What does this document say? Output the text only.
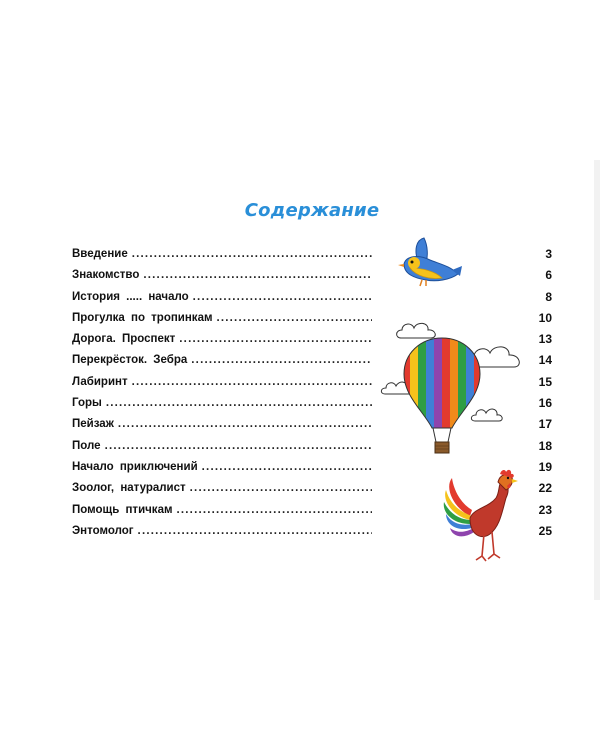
Содержание
Введение
.....
Знакомство
.....
История ..... начало
.....
Прогулка по тропинкам
.....
Дорога. Проспект
.....
Перекрёсток. Зебра
.....
Лабиринт
.....
Горы
.....
Пейзаж
.....
Поле
.....
Начало приключений
.....
Зоолог, натуралист
.....
Помощь птичкам
.....
Энтомолог
.....
3
6
8
10
13
14
15
16
17
18
19
22
23
25
